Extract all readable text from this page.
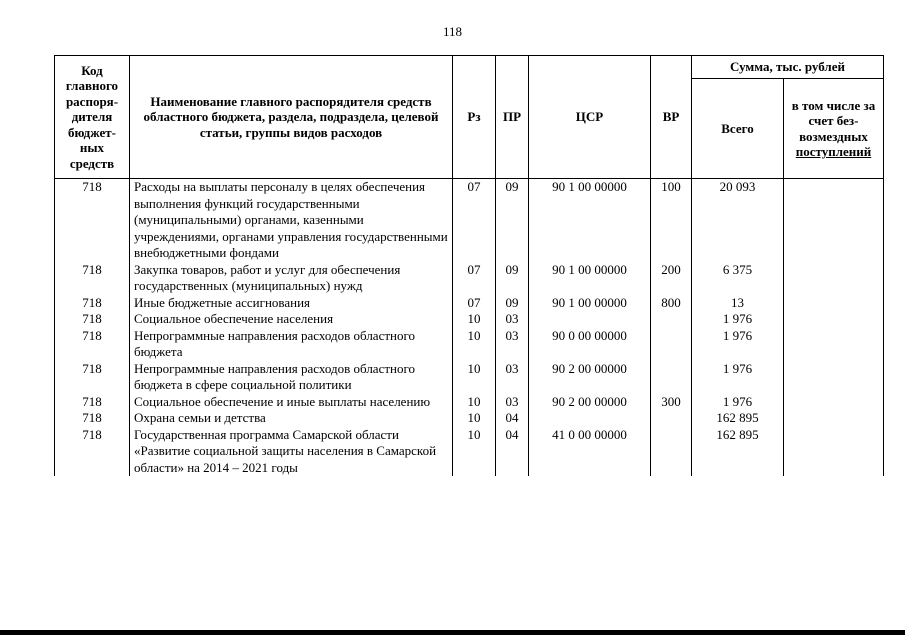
118
Код главного распоря-дителя бюджет-ных средств	Наименование главного распорядителя средств областного бюджета, раздела, подраздела, целевой статьи, группы видов расходов	Рз	ПР	ЦСР	ВР	Сумма, тыс. рублей	
						Всего	в том числе за счет без-возмездных поступлений
718	Расходы на выплаты персоналу в целях обеспечения выполнения функций государственными (муниципальными) органами, казенными учреждениями, органами управления государственными внебюджетными фондами	07	09	90 1 00 00000	100	20 093	
718	Закупка товаров, работ и услуг для обеспечения государственных (муниципальных) нужд	07	09	90 1 00 00000	200	6 375	
718	Иные бюджетные ассигнования	07	09	90 1 00 00000	800	13	
718	Социальное обеспечение населения	10	03			1 976	
718	Непрограммные направления расходов областного бюджета	10	03	90 0 00 00000		1 976	
718	Непрограммные направления расходов областного бюджета в сфере социальной политики	10	03	90 2 00 00000		1 976	
718	Социальное обеспечение и иные выплаты населению	10	03	90 2 00 00000	300	1 976	
718	Охрана семьи и детства	10	04			162 895	
718	Государственная программа Самарской области «Развитие социальной защиты населения в Самарской области» на 2014 – 2021 годы	10	04	41 0 00 00000		162 895	
